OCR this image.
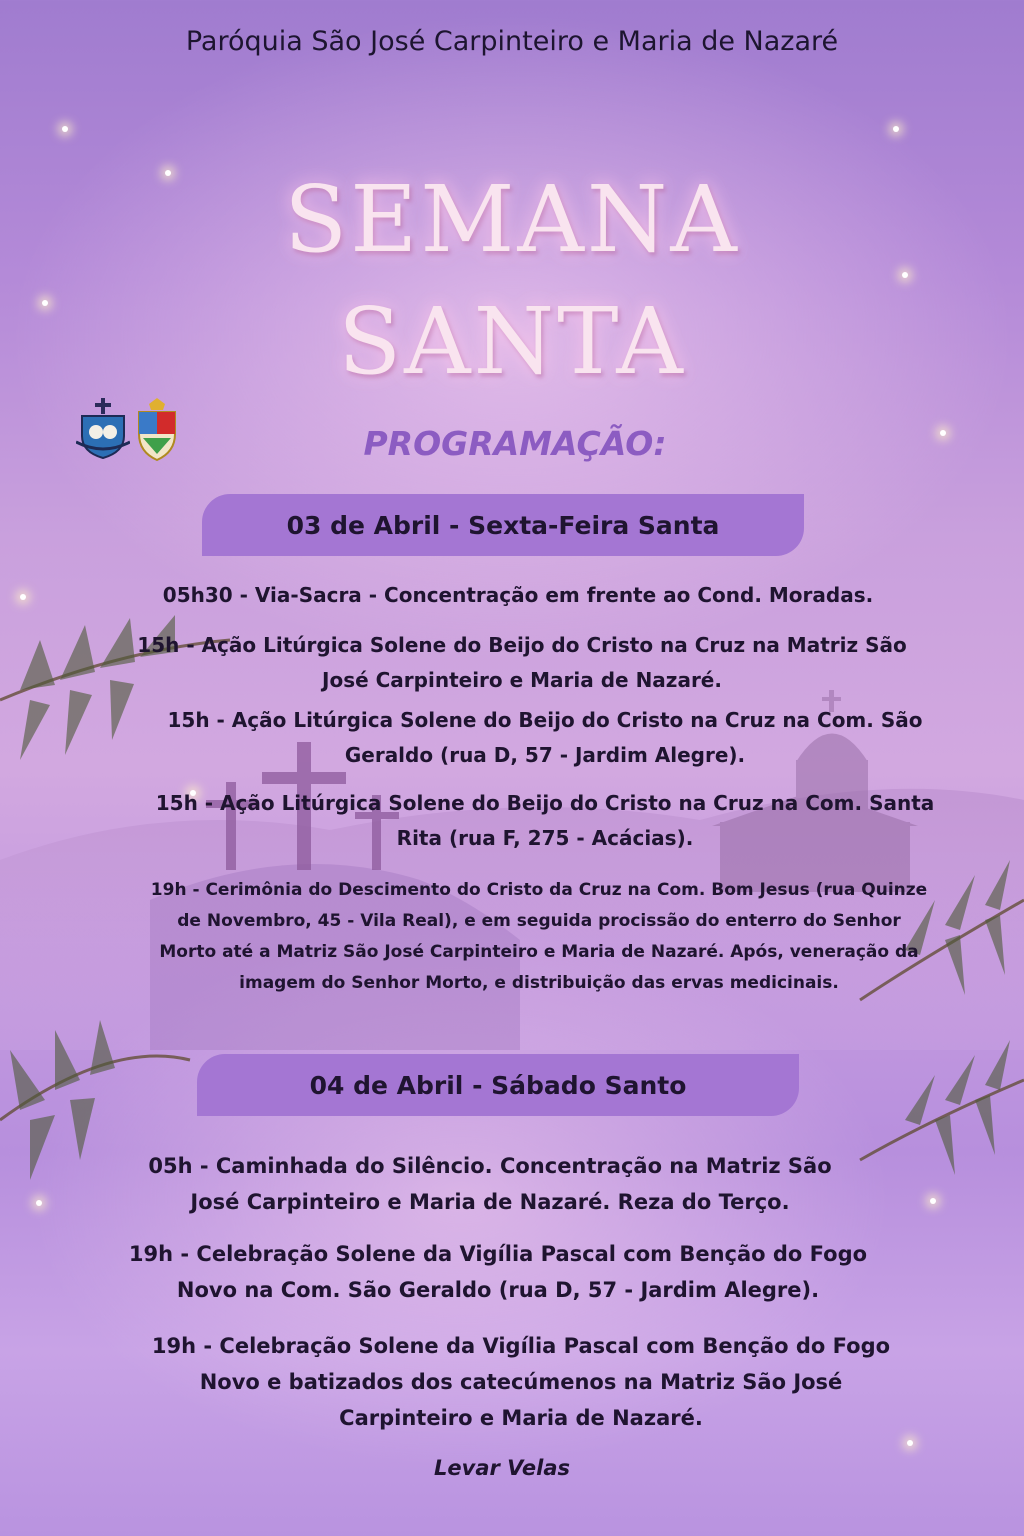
Paróquia São José Carpinteiro e Maria de Nazaré
SEMANA
SANTA
PROGRAMAÇÃO:
03 de Abril - Sexta-Feira Santa
05h30 - Via-Sacra - Concentração em frente ao Cond. Moradas.
15h - Ação Litúrgica Solene do Beijo do Cristo na Cruz na Matriz São José Carpinteiro e Maria de Nazaré.
15h - Ação Litúrgica Solene do Beijo do Cristo na Cruz na Com. São Geraldo (rua D, 57 - Jardim Alegre).
15h - Ação Litúrgica Solene do Beijo do Cristo na Cruz na Com. Santa Rita (rua F, 275 - Acácias).
19h - Cerimônia do Descimento do Cristo da Cruz na Com. Bom Jesus (rua Quinze de Novembro, 45 - Vila Real), e em seguida procissão do enterro do Senhor Morto até a Matriz São José Carpinteiro e Maria de Nazaré. Após, veneração da imagem do Senhor Morto, e distribuição das ervas medicinais.
04 de Abril - Sábado Santo
05h - Caminhada do Silêncio. Concentração na Matriz São José Carpinteiro e Maria de Nazaré. Reza do Terço.
19h - Celebração Solene da Vigília Pascal com Benção do Fogo Novo na Com. São Geraldo (rua D, 57 - Jardim Alegre).
19h - Celebração Solene da Vigília Pascal com Benção do Fogo Novo e batizados dos catecúmenos na Matriz São José Carpinteiro e Maria de Nazaré.
Levar Velas
